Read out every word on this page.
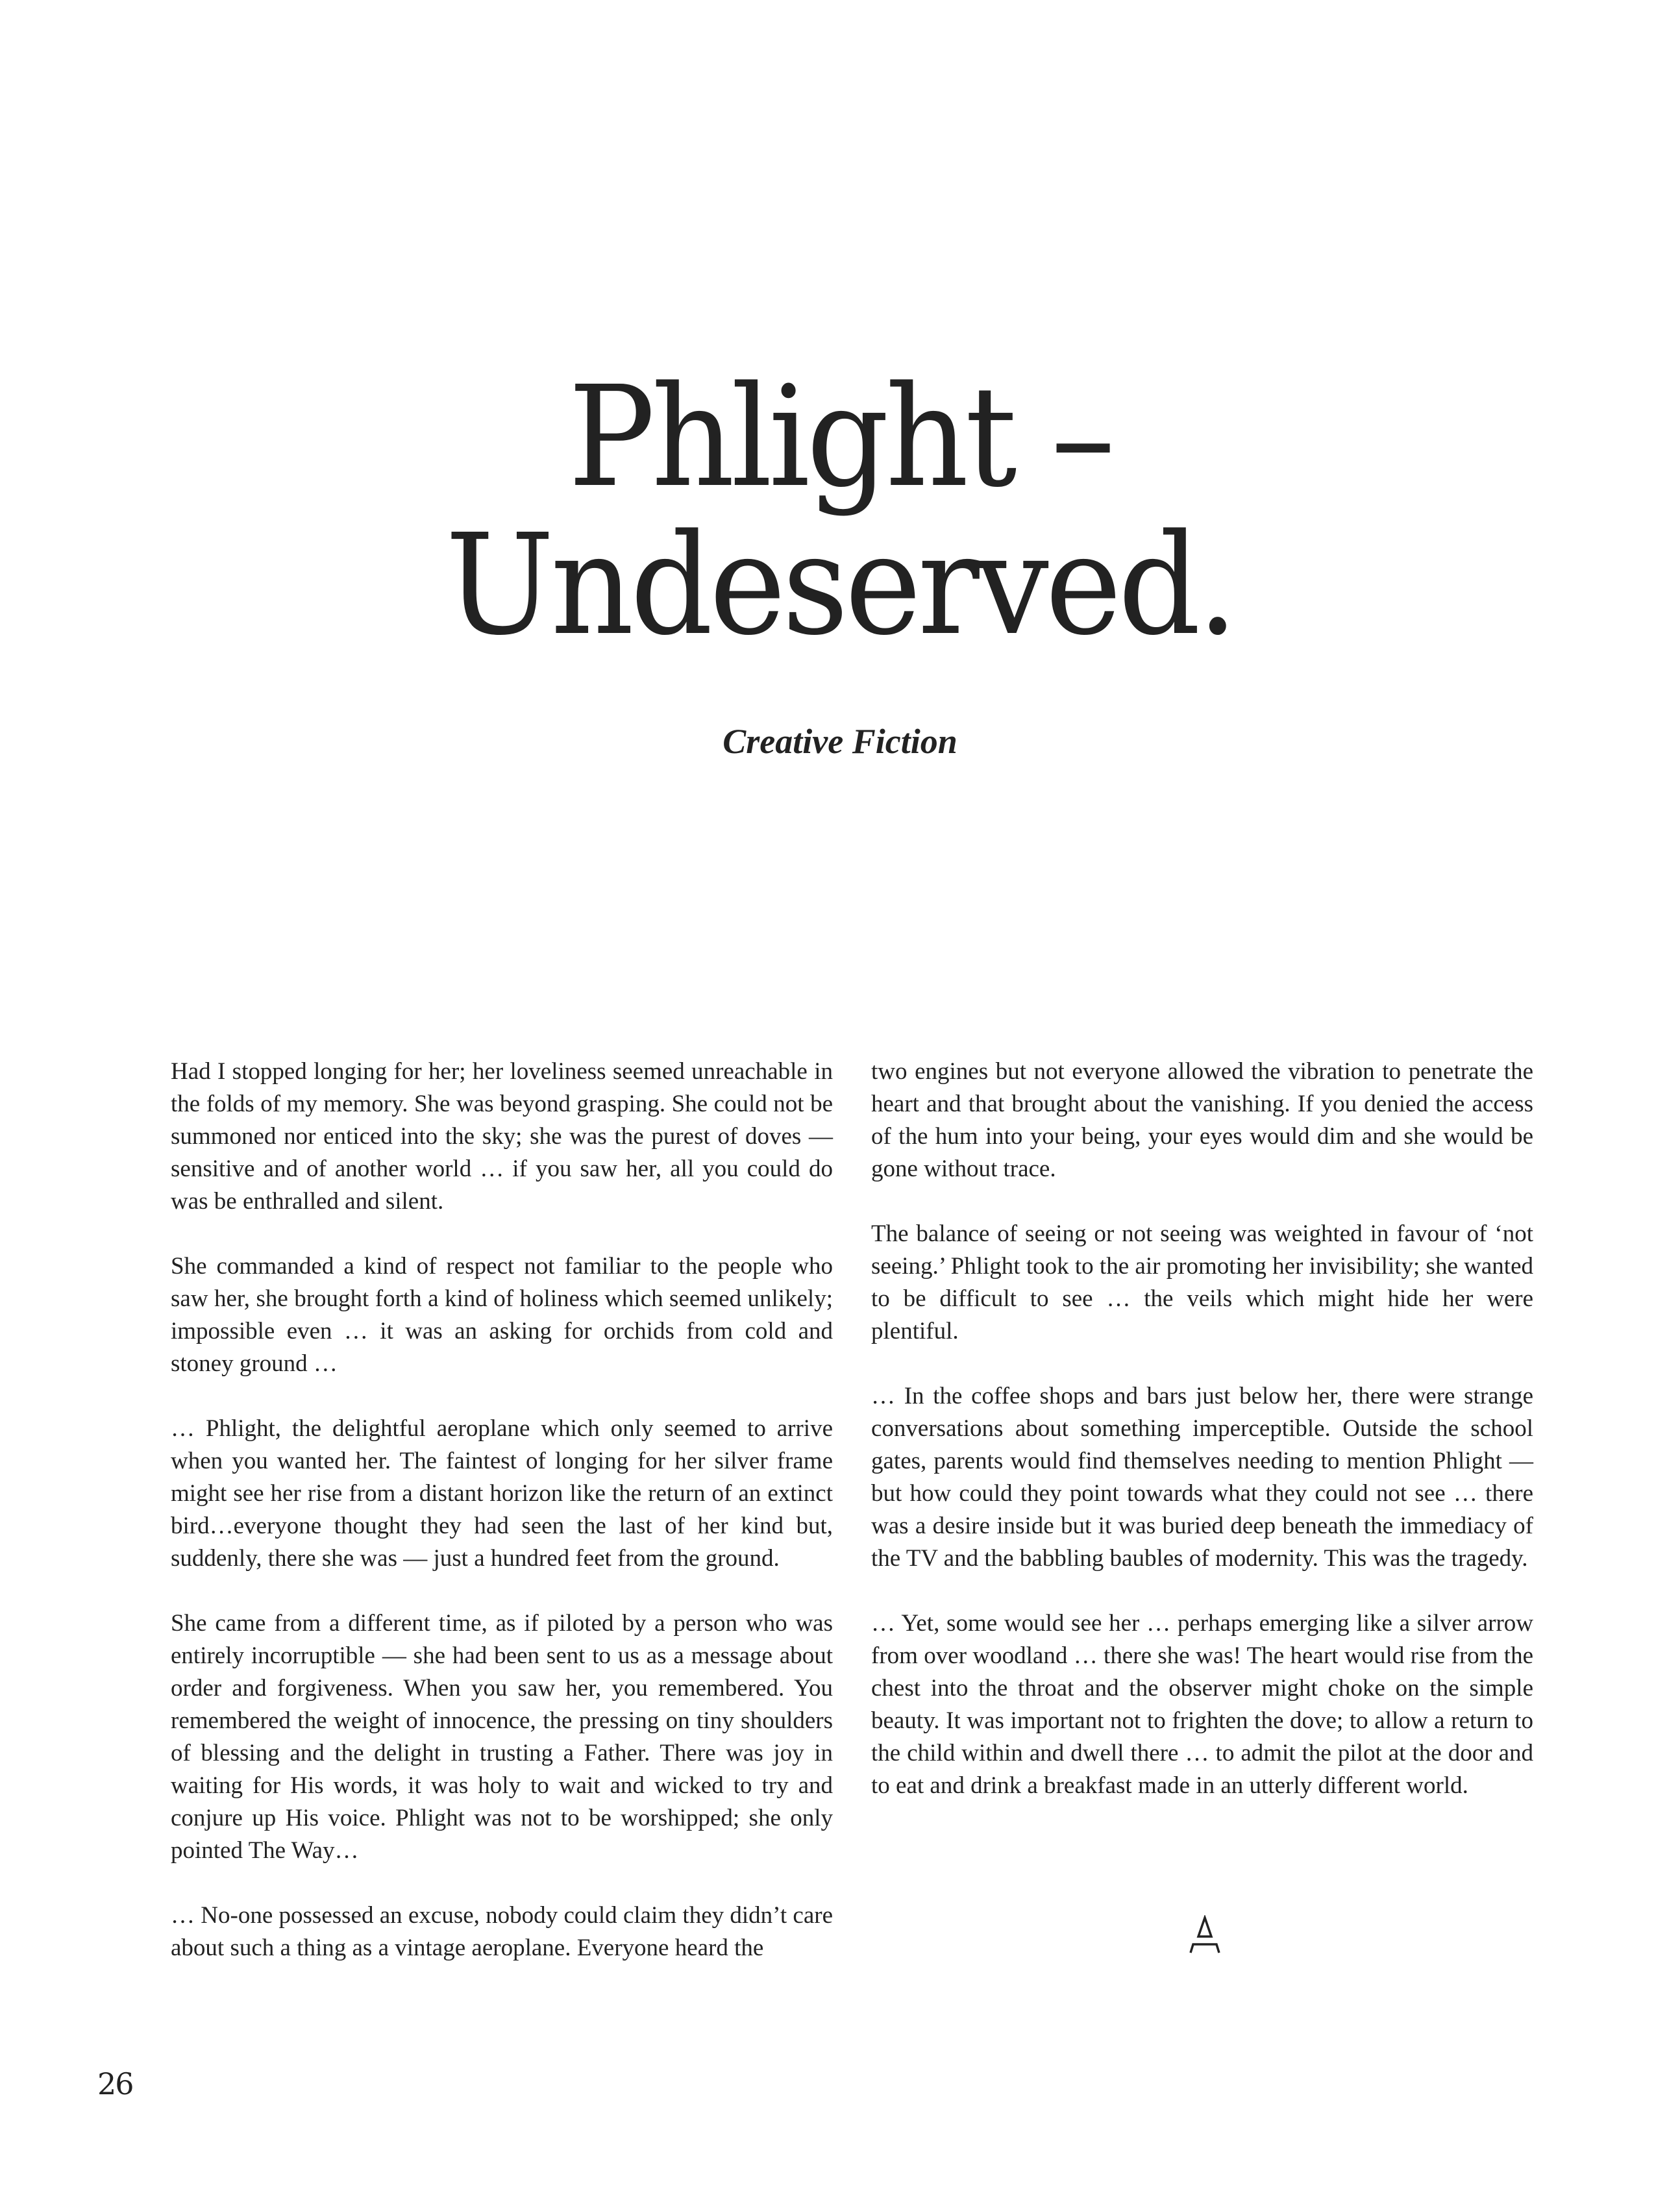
Phlight –
Undeserved.
Creative Fiction

Had I stopped longing for her; her loveliness seemed unreachable in the folds of my memory. She was beyond grasping. She could not be summoned nor enticed into the sky; she was the purest of doves — sensitive and of another world … if you saw her, all you could do was be enthralled and silent.

She commanded a kind of respect not familiar to the people who saw her, she brought forth a kind of holiness which seemed unlikely; impossible even … it was an asking for orchids from cold and stoney ground …

… Phlight, the delightful aeroplane which only seemed to arrive when you wanted her. The faintest of longing for her silver frame might see her rise from a distant horizon like the return of an extinct bird…everyone thought they had seen the last of her kind but, suddenly, there she was — just a hundred feet from the ground.

She came from a different time, as if piloted by a person who was entirely incorruptible — she had been sent to us as a message about order and forgiveness. When you saw her, you remembered. You remembered the weight of innocence, the pressing on tiny shoulders of blessing and the delight in trusting a Father. There was joy in waiting for His words, it was holy to wait and wicked to try and conjure up His voice. Phlight was not to be worshipped; she only pointed The Way…

… No-one possessed an excuse, nobody could claim they didn’t care about such a thing as a vintage aeroplane. Everyone heard the

two engines but not everyone allowed the vibration to penetrate the heart and that brought about the vanishing. If you denied the access of the hum into your being, your eyes would dim and she would be gone without trace.

The balance of seeing or not seeing was weighted in favour of ‘not seeing.’ Phlight took to the air promoting her invisibility; she wanted to be difficult to see … the veils which might hide her were plentiful.

… In the coffee shops and bars just below her, there were strange conversations about something imperceptible. Outside the school gates, parents would find themselves needing to mention Phlight — but how could they point towards what they could not see … there was a desire inside but it was buried deep beneath the immediacy of the TV and the babbling baubles of modernity. This was the tragedy.

… Yet, some would see her … perhaps emerging like a silver arrow from over woodland … there she was! The heart would rise from the chest into the throat and the observer might choke on the simple beauty. It was important not to frighten the dove; to allow a return to the child within and dwell there … to admit the pilot at the door and to eat and drink a breakfast made in an utterly different world.

26
